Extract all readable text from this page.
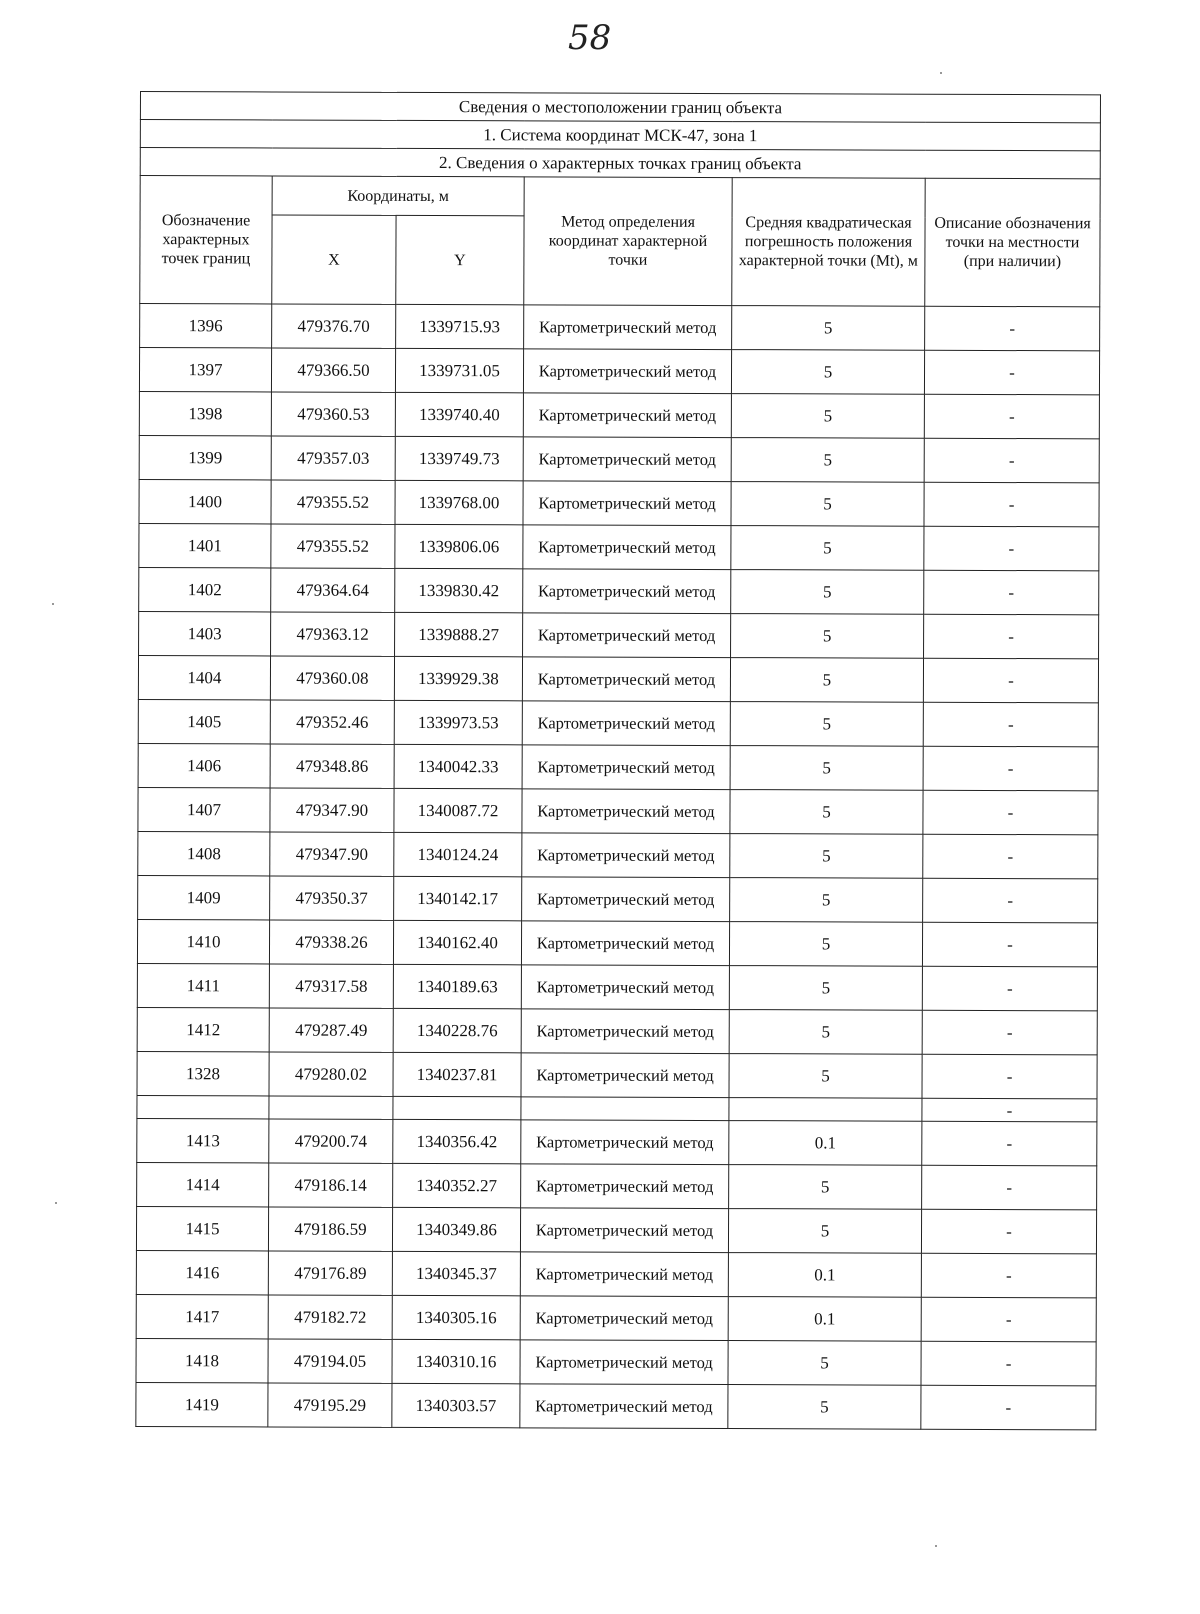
58
Сведения о местоположении границ объекта					
1. Система координат МСК-47, зона 1					
2. Сведения о характерных точках границ объекта					
Обозначение характерных точек границ	Координаты, м		Метод определения координат характерной точки	Средняя квадратическая погрешность положения характерной точки (Mt), м	Описание обозначения точки на местности (при наличии)
	X	Y			
1396	479376.70	1339715.93	Картометрический метод	5	-
1397	479366.50	1339731.05	Картометрический метод	5	-
1398	479360.53	1339740.40	Картометрический метод	5	-
1399	479357.03	1339749.73	Картометрический метод	5	-
1400	479355.52	1339768.00	Картометрический метод	5	-
1401	479355.52	1339806.06	Картометрический метод	5	-
1402	479364.64	1339830.42	Картометрический метод	5	-
1403	479363.12	1339888.27	Картометрический метод	5	-
1404	479360.08	1339929.38	Картометрический метод	5	-
1405	479352.46	1339973.53	Картометрический метод	5	-
1406	479348.86	1340042.33	Картометрический метод	5	-
1407	479347.90	1340087.72	Картометрический метод	5	-
1408	479347.90	1340124.24	Картометрический метод	5	-
1409	479350.37	1340142.17	Картометрический метод	5	-
1410	479338.26	1340162.40	Картометрический метод	5	-
1411	479317.58	1340189.63	Картометрический метод	5	-
1412	479287.49	1340228.76	Картометрический метод	5	-
1328	479280.02	1340237.81	Картометрический метод	5	-
					-
1413	479200.74	1340356.42	Картометрический метод	0.1	-
1414	479186.14	1340352.27	Картометрический метод	5	-
1415	479186.59	1340349.86	Картометрический метод	5	-
1416	479176.89	1340345.37	Картометрический метод	0.1	-
1417	479182.72	1340305.16	Картометрический метод	0.1	-
1418	479194.05	1340310.16	Картометрический метод	5	-
1419	479195.29	1340303.57	Картометрический метод	5	-
